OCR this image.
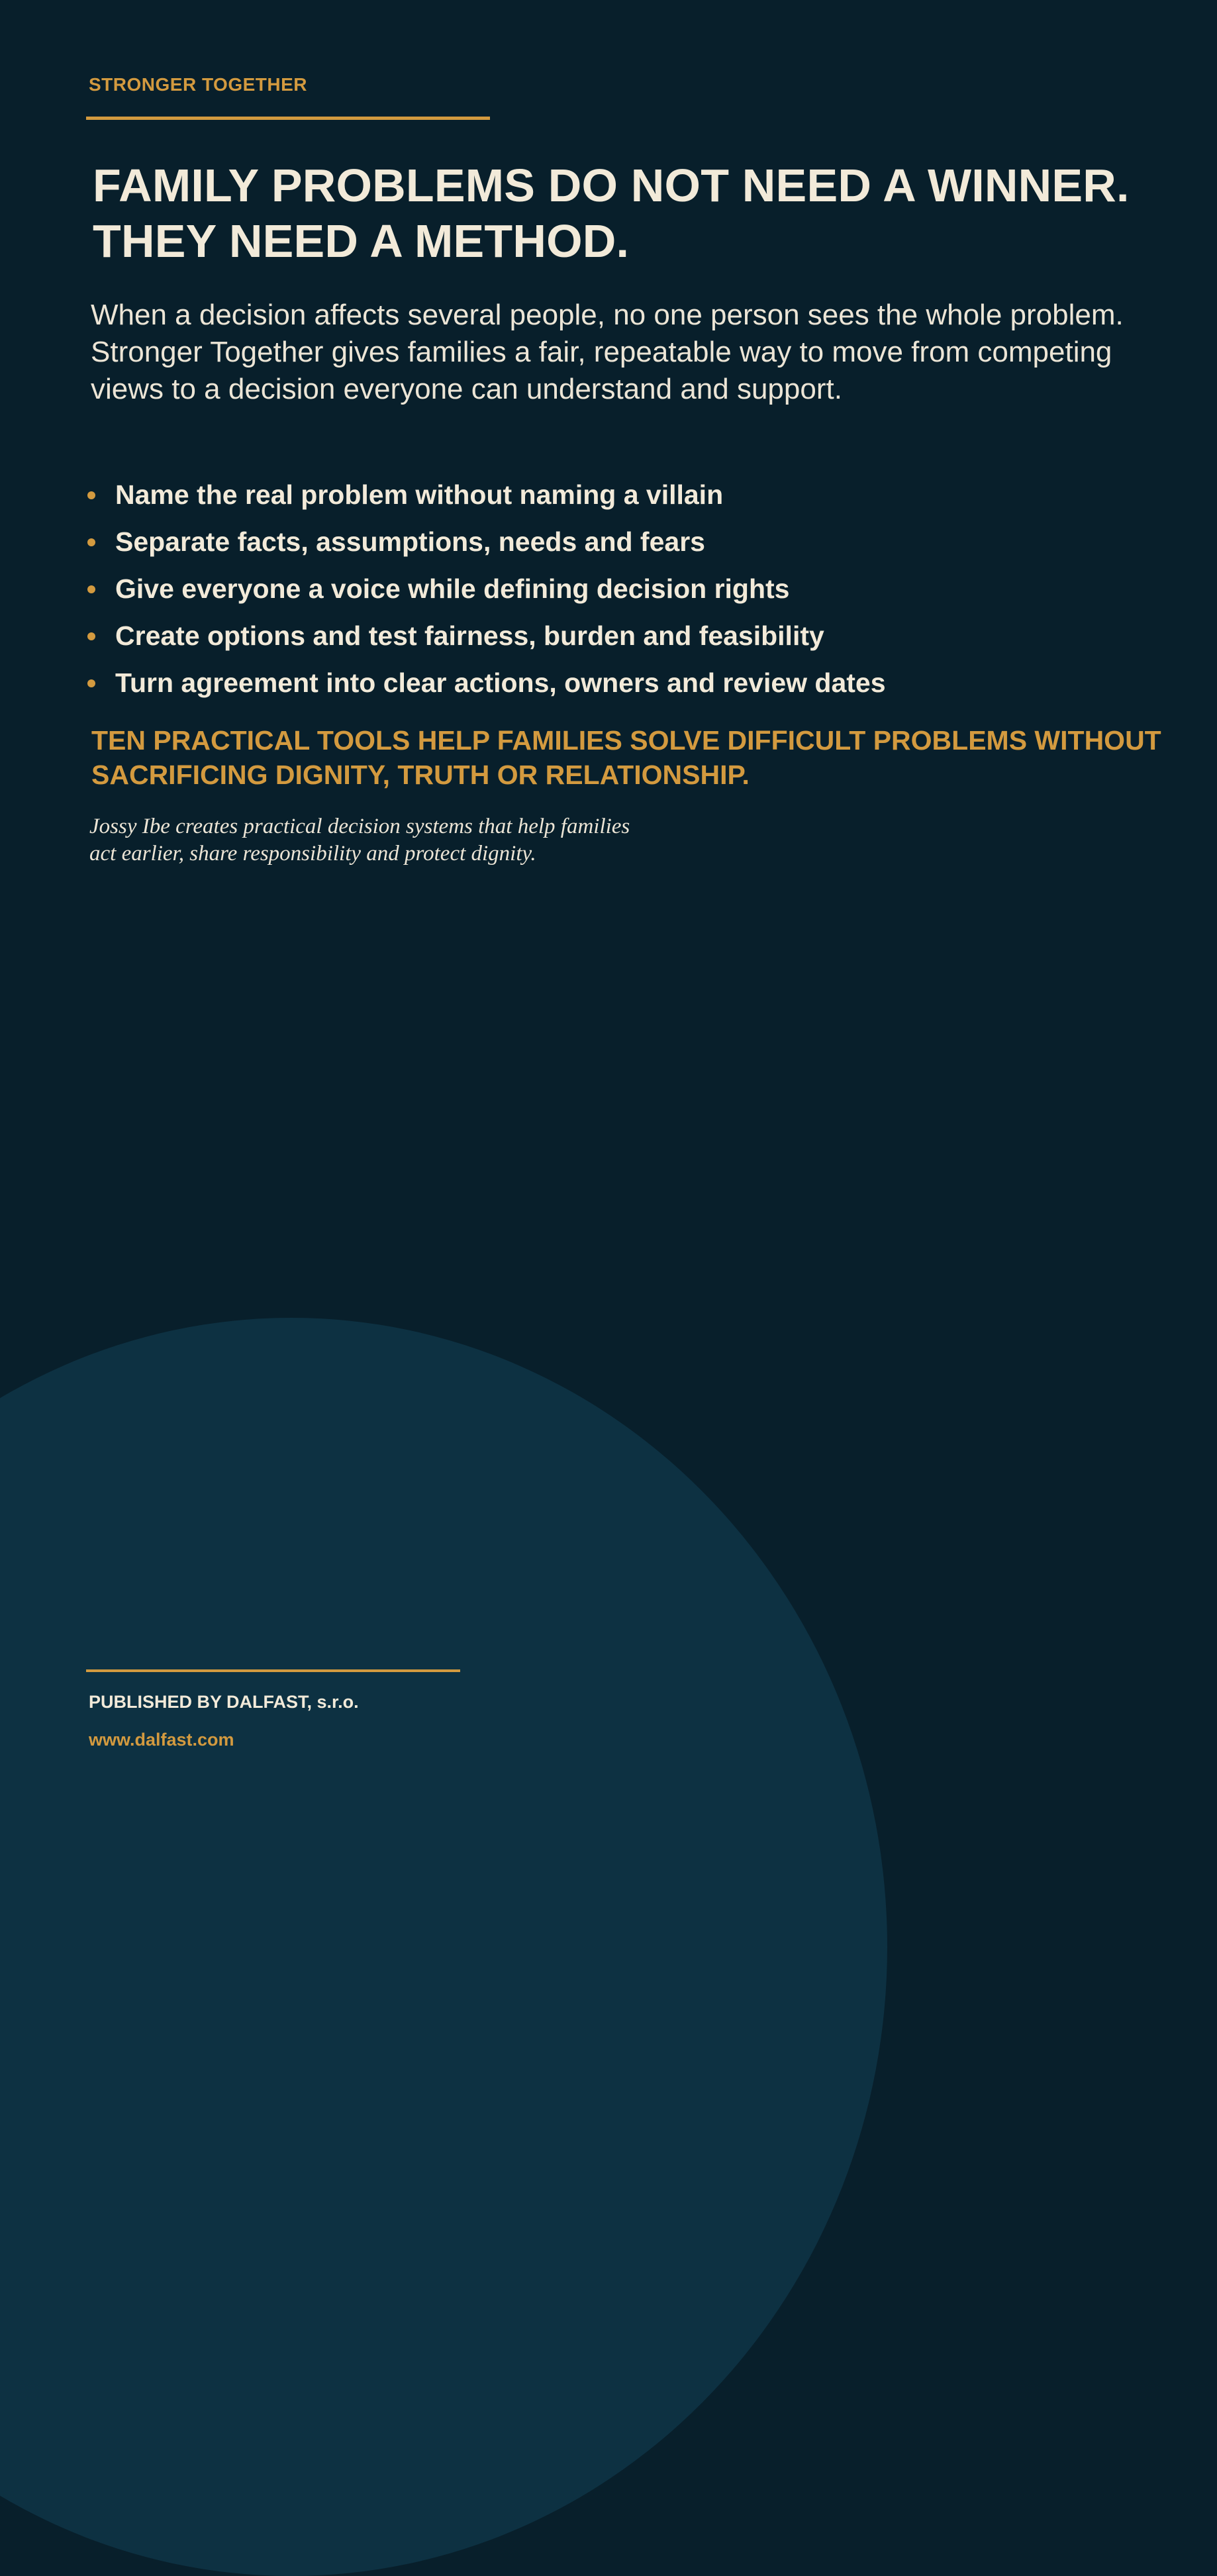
STRONGER TOGETHER

FAMILY PROBLEMS DO NOT NEED A WINNER. THEY NEED A METHOD.

When a decision affects several people, no one person sees the whole problem. Stronger Together gives families a fair, repeatable way to move from competing views to a decision everyone can understand and support.

Name the real problem without naming a villain
Separate facts, assumptions, needs and fears
Give everyone a voice while defining decision rights
Create options and test fairness, burden and feasibility
Turn agreement into clear actions, owners and review dates

TEN PRACTICAL TOOLS HELP FAMILIES SOLVE DIFFICULT PROBLEMS WITHOUT SACRIFICING DIGNITY, TRUTH OR RELATIONSHIP.

Jossy Ibe creates practical decision systems that help families act earlier, share responsibility and protect dignity.

PUBLISHED BY DALFAST, s.r.o.

www.dalfast.com
